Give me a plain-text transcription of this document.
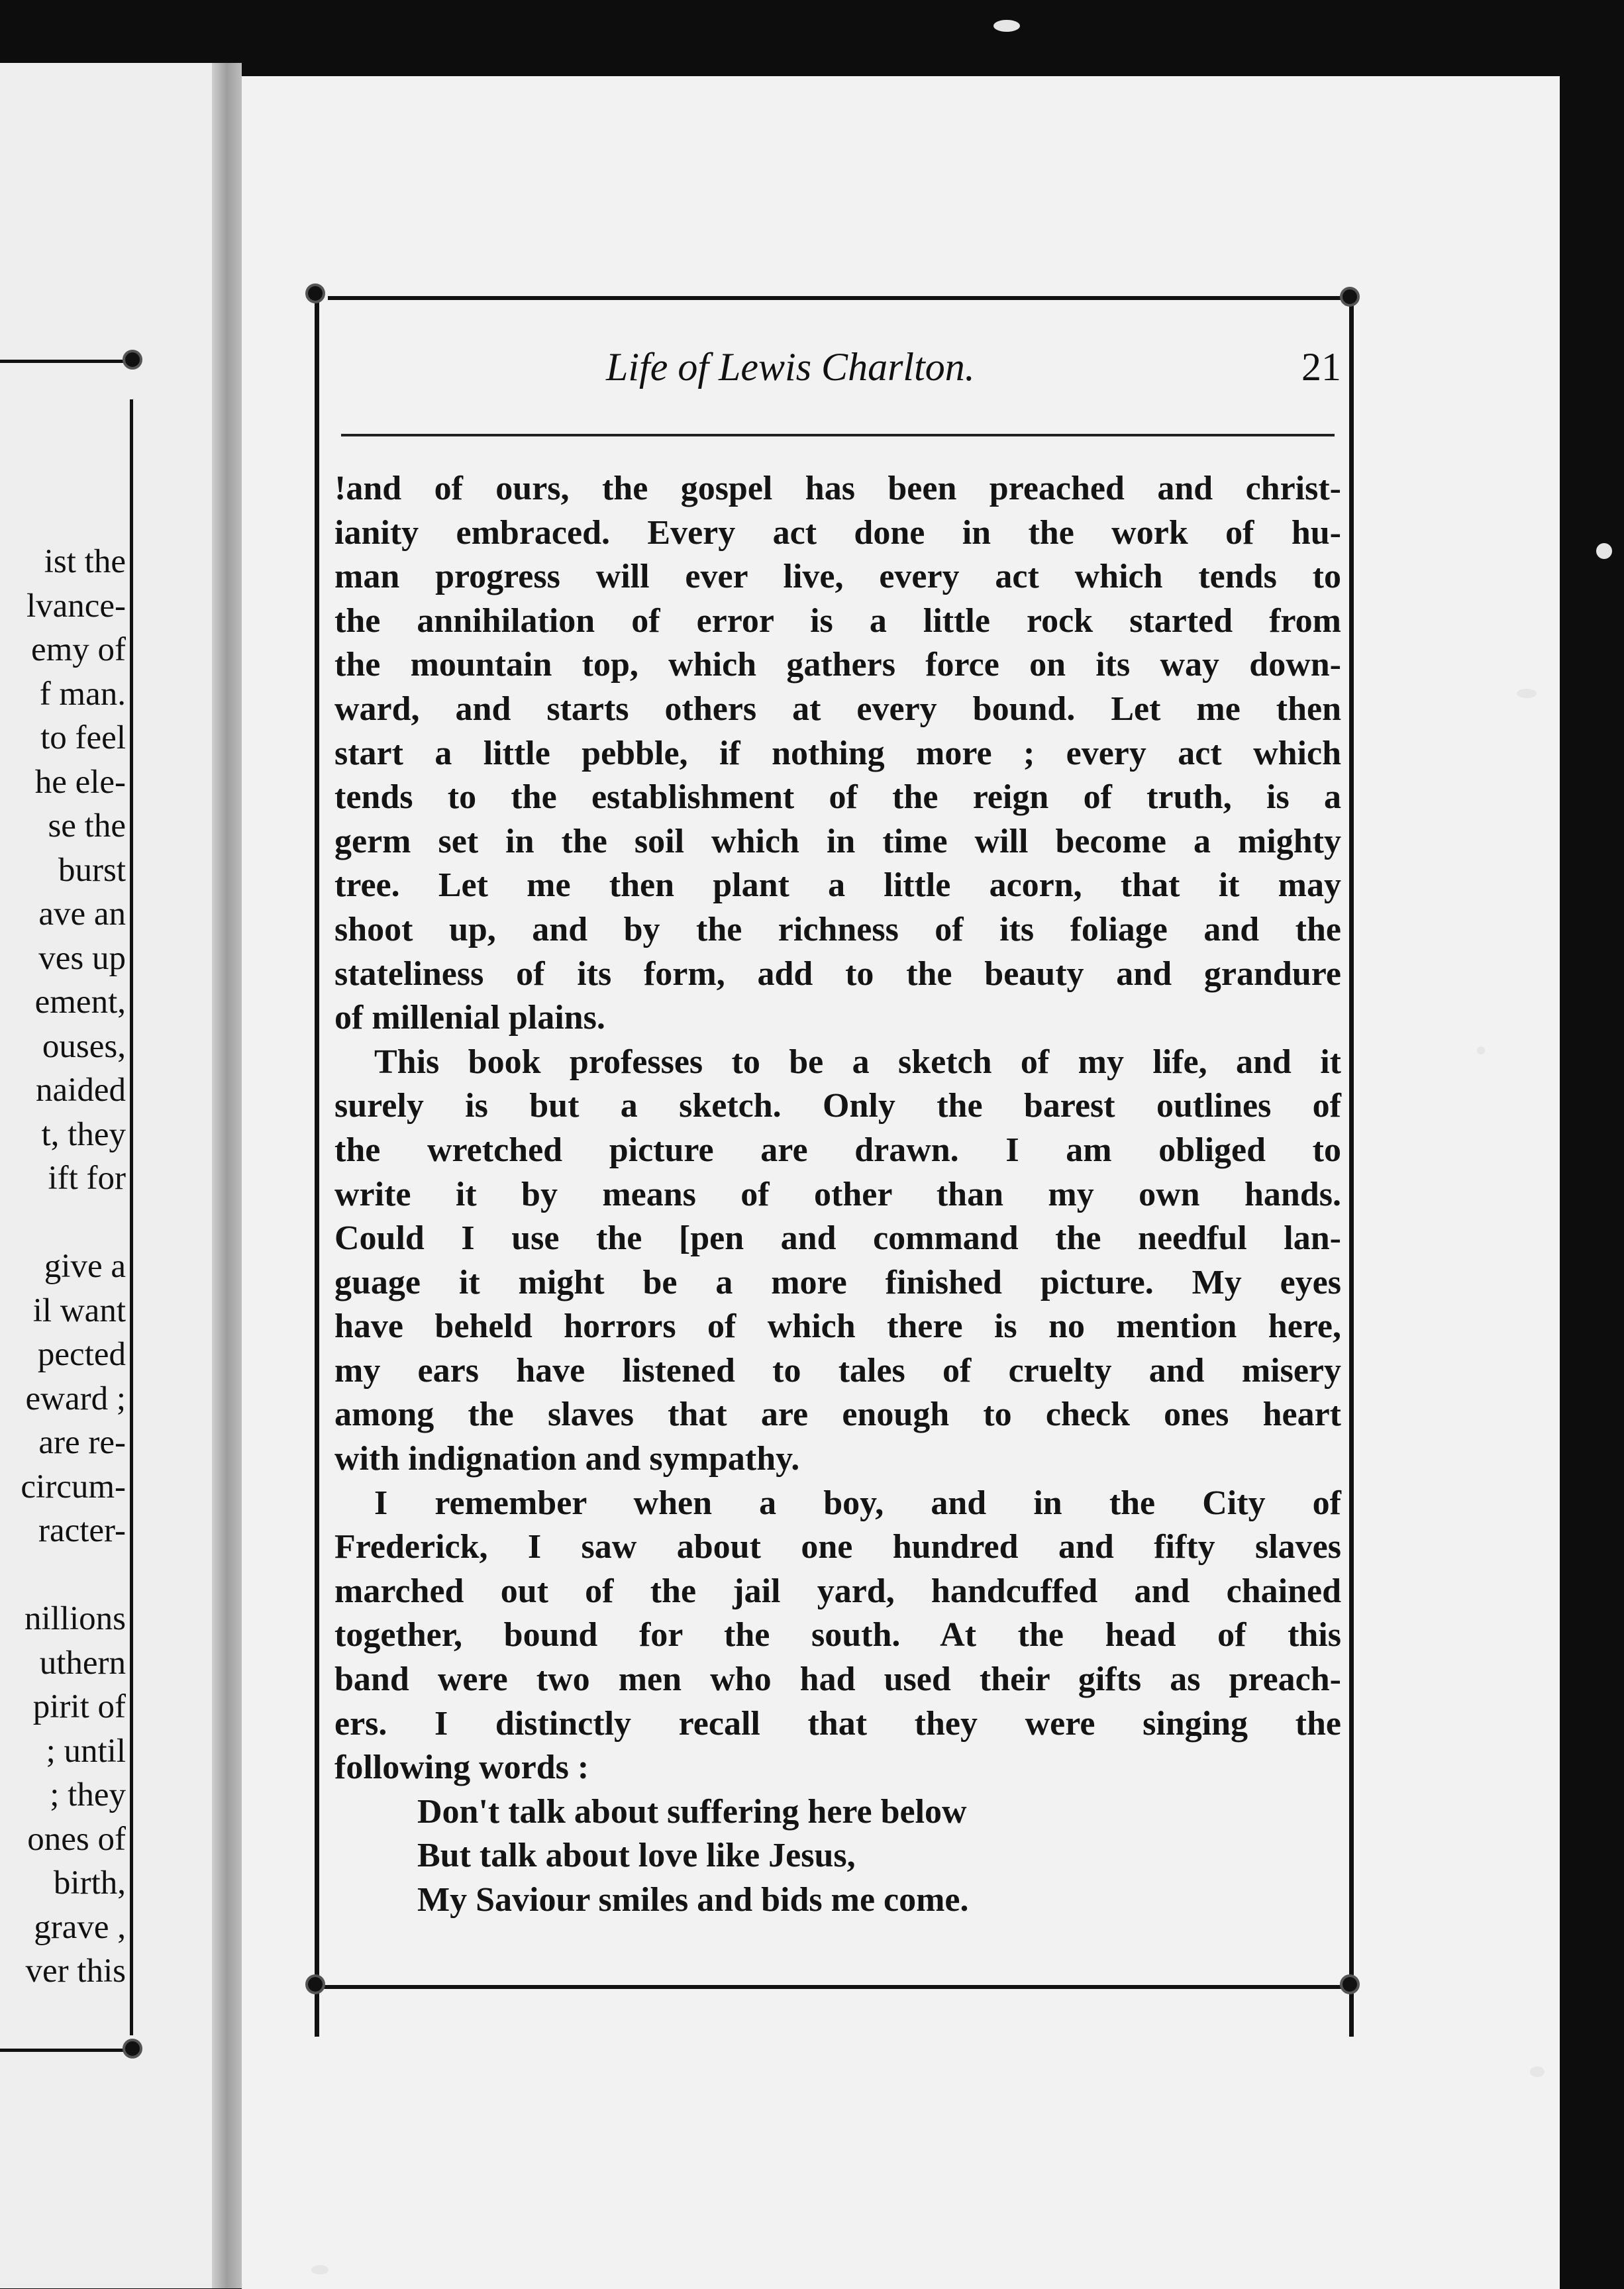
ist the
lvance-
emy of
f man.
to feel
he ele-
se the
burst
ave an
ves up
ement,
ouses,
naided
t, they
ift for

give a
il want
pected
eward ;
are re-
circum-
racter-

nillions
uthern
pirit of
; until
; they
ones of
birth,
grave ,
ver this
Life of Lewis Charlton.	21
!and of ours, the gospel has been preached and christ-
ianity embraced. Every act done in the work of hu-
man progress will ever live, every act which tends to
the annihilation of error is a little rock started from
the mountain top, which gathers force on its way down-
ward, and starts others at every bound. Let me then
start a little pebble, if nothing more ; every act which
tends to the establishment of the reign of truth, is a
germ set in the soil which in time will become a mighty
tree. Let me then plant a little acorn, that it may
shoot up, and by the richness of its foliage and the
stateliness of its form, add to the beauty and grandure
of millenial plains.
This book professes to be a sketch of my life, and it
surely is but a sketch. Only the barest outlines of
the wretched picture are drawn. I am obliged to
write it by means of other than my own hands.
Could I use the [pen and command the needful lan-
guage it might be a more finished picture. My eyes
have beheld horrors of which there is no mention here,
my ears have listened to tales of cruelty and misery
among the slaves that are enough to check ones heart
with indignation and sympathy.
I remember when a boy, and in the City of
Frederick, I saw about one hundred and fifty slaves
marched out of the jail yard, handcuffed and chained
together, bound for the south. At the head of this
band were two men who had used their gifts as preach-
ers. I distinctly recall that they were singing the
following words :
Don't talk about suffering here below
But talk about love like Jesus,
My Saviour smiles and bids me come.
